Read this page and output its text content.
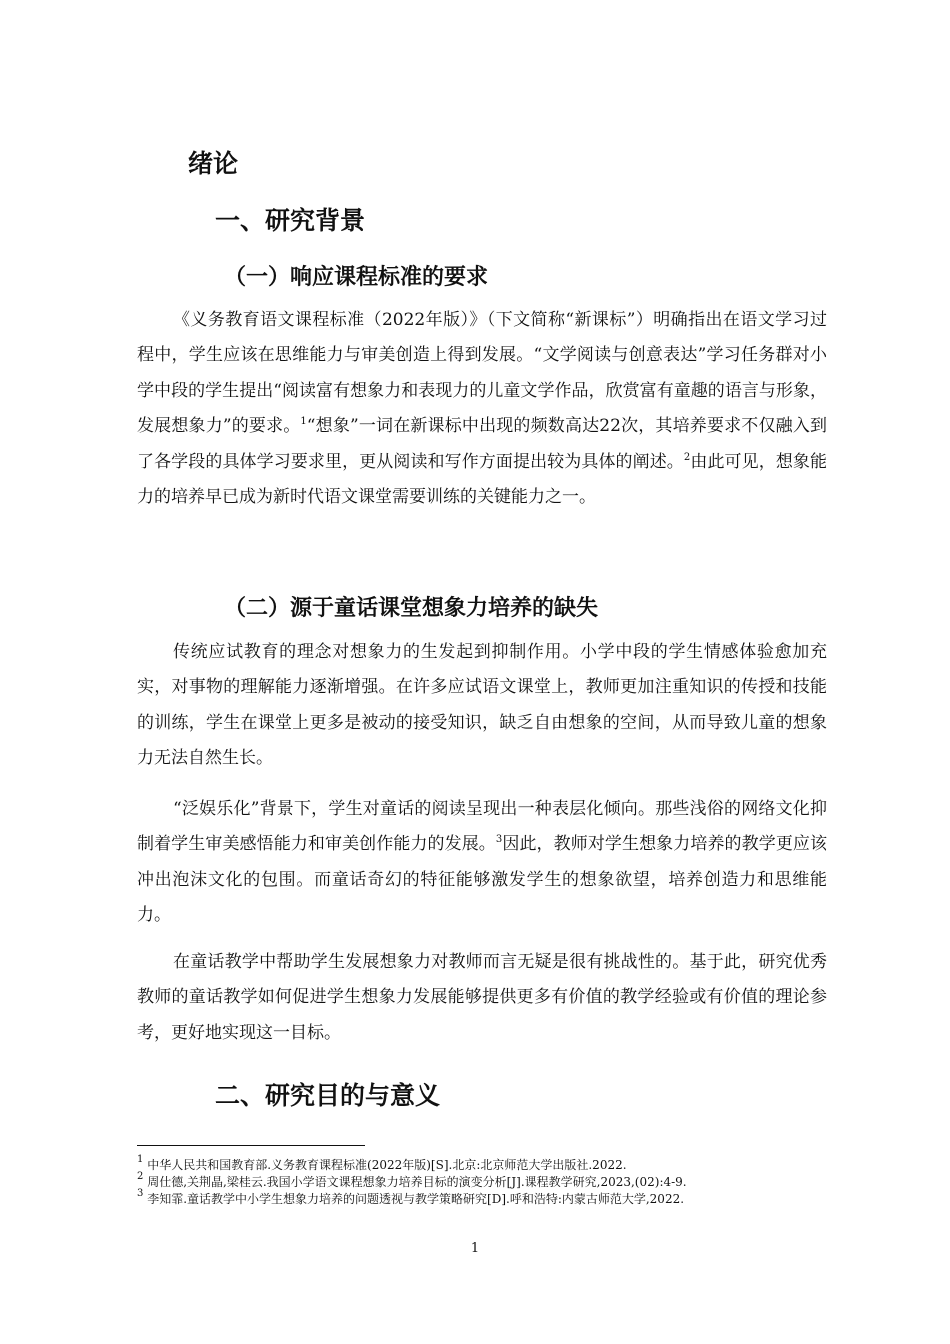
绪论
一、研究背景
（一）响应课程标准的要求

《义务教育语文课程标准（2022年版）》（下文简称“新课标”）明确指出在语文学习过程中，学生应该在思维能力与审美创造上得到发展。“文学阅读与创意表达”学习任务群对小学中段的学生提出“阅读富有想象力和表现力的儿童文学作品，欣赏富有童趣的语言与形象，发展想象力”的要求。$^1$“想象”一词在新课标中出现的频数高达22次，其培养要求不仅融入到了各学段的具体学习要求里，更从阅读和写作方面提出较为具体的阐述。$^2$由此可见，想象能力的培养早已成为新时代语文课堂需要训练的关键能力之一。

（二）源于童话课堂想象力培养的缺失

传统应试教育的理念对想象力的生发起到抑制作用。小学中段的学生情感体验愈加充实，对事物的理解能力逐渐增强。在许多应试语文课堂上，教师更加注重知识的传授和技能的训练，学生在课堂上更多是被动的接受知识，缺乏自由想象的空间，从而导致儿童的想象力无法自然生长。

“泛娱乐化”背景下，学生对童话的阅读呈现出一种表层化倾向。那些浅俗的网络文化抑制着学生审美感悟能力和审美创作能力的发展。$^3$因此，教师对学生想象力培养的教学更应该冲出泡沫文化的包围。而童话奇幻的特征能够激发学生的想象欲望，培养创造力和思维能力。

在童话教学中帮助学生发展想象力对教师而言无疑是很有挑战性的。基于此，研究优秀教师的童话教学如何促进学生想象力发展能够提供更多有价值的教学经验或有价值的理论参考，更好地实现这一目标。

二、研究目的与意义

$^1$ 中华人民共和国教育部.义务教育课程标准(2022年版)[S].北京:北京师范大学出版社.2022.

$^2$ 周仕德,关荆晶,梁桂云.我国小学语文课程想象力培养目标的演变分析[J].课程教学研究,2023,(02):4-9.

$^3$ 李知霏.童话教学中小学生想象力培养的问题透视与教学策略研究[D].呼和浩特:内蒙古师范大学,2022.

1
